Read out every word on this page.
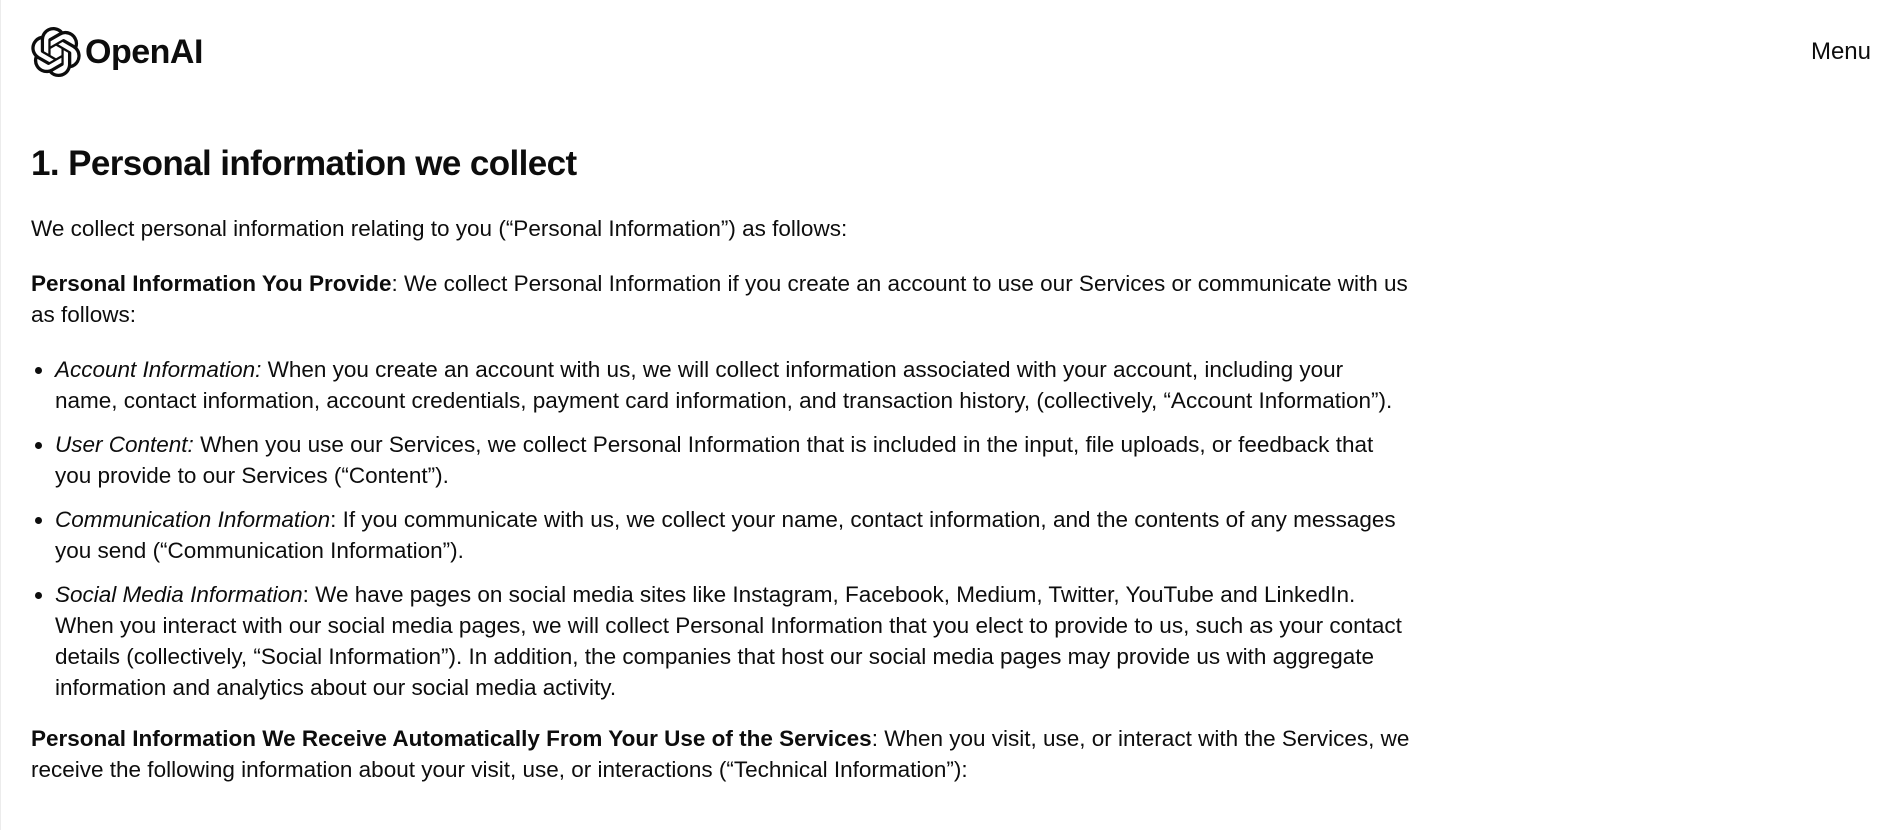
OpenAI	Menu
1. Personal information we collect

We collect personal information relating to you (“Personal Information”) as follows:

Personal Information You Provide: We collect Personal Information if you create an account to use our Services or communicate with us as follows:

• Account Information: When you create an account with us, we will collect information associated with your account, including your name, contact information, account credentials, payment card information, and transaction history, (collectively, “Account Information”).
• User Content: When you use our Services, we collect Personal Information that is included in the input, file uploads, or feedback that you provide to our Services (“Content”).
• Communication Information: If you communicate with us, we collect your name, contact information, and the contents of any messages you send (“Communication Information”).
• Social Media Information: We have pages on social media sites like Instagram, Facebook, Medium, Twitter, YouTube and LinkedIn. When you interact with our social media pages, we will collect Personal Information that you elect to provide to us, such as your contact details (collectively, “Social Information”). In addition, the companies that host our social media pages may provide us with aggregate information and analytics about our social media activity.

Personal Information We Receive Automatically From Your Use of the Services: When you visit, use, or interact with the Services, we receive the following information about your visit, use, or interactions (“Technical Information”):
